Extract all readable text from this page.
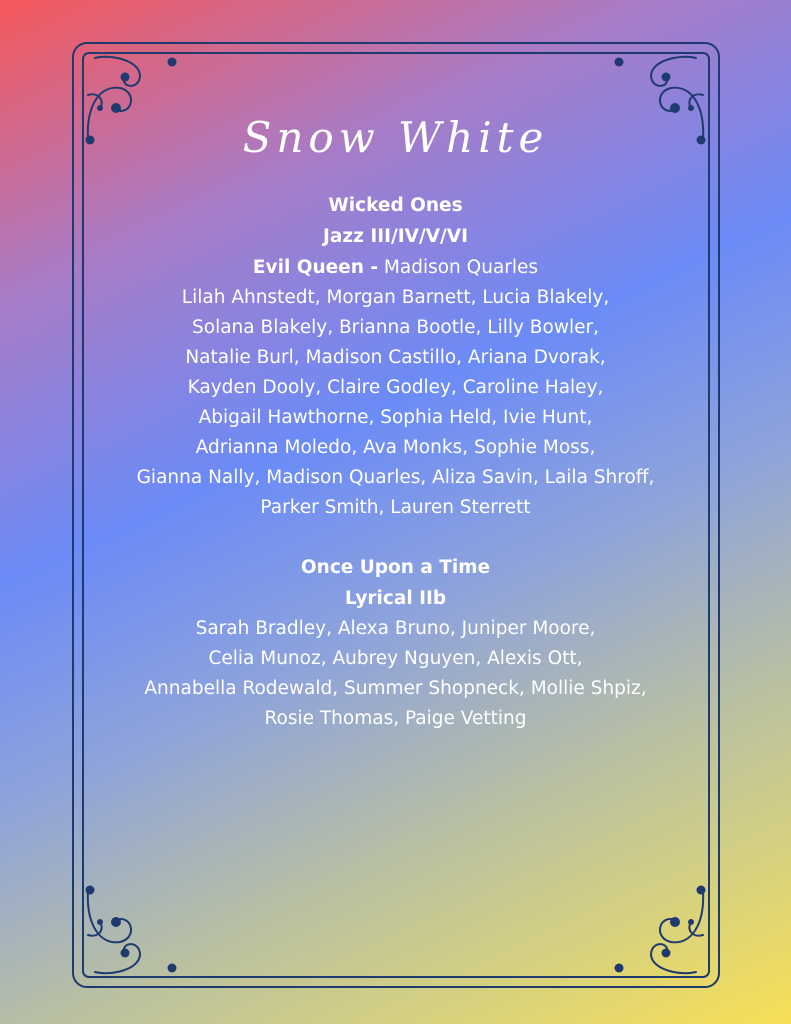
Snow White

Wicked Ones

Jazz III/IV/V/VI

Evil Queen - Madison Quarles

Lilah Ahnstedt, Morgan Barnett, Lucia Blakely,
Solana Blakely, Brianna Bootle, Lilly Bowler,
Natalie Burl, Madison Castillo, Ariana Dvorak,
Kayden Dooly, Claire Godley, Caroline Haley,
Abigail Hawthorne, Sophia Held, Ivie Hunt,
Adrianna Moledo, Ava Monks, Sophie Moss,
Gianna Nally, Madison Quarles, Aliza Savin, Laila Shroff,
Parker Smith, Lauren Sterrett

Once Upon a Time

Lyrical IIb

Sarah Bradley, Alexa Bruno, Juniper Moore,
Celia Munoz, Aubrey Nguyen, Alexis Ott,
Annabella Rodewald, Summer Shopneck, Mollie Shpiz,
Rosie Thomas, Paige Vetting
